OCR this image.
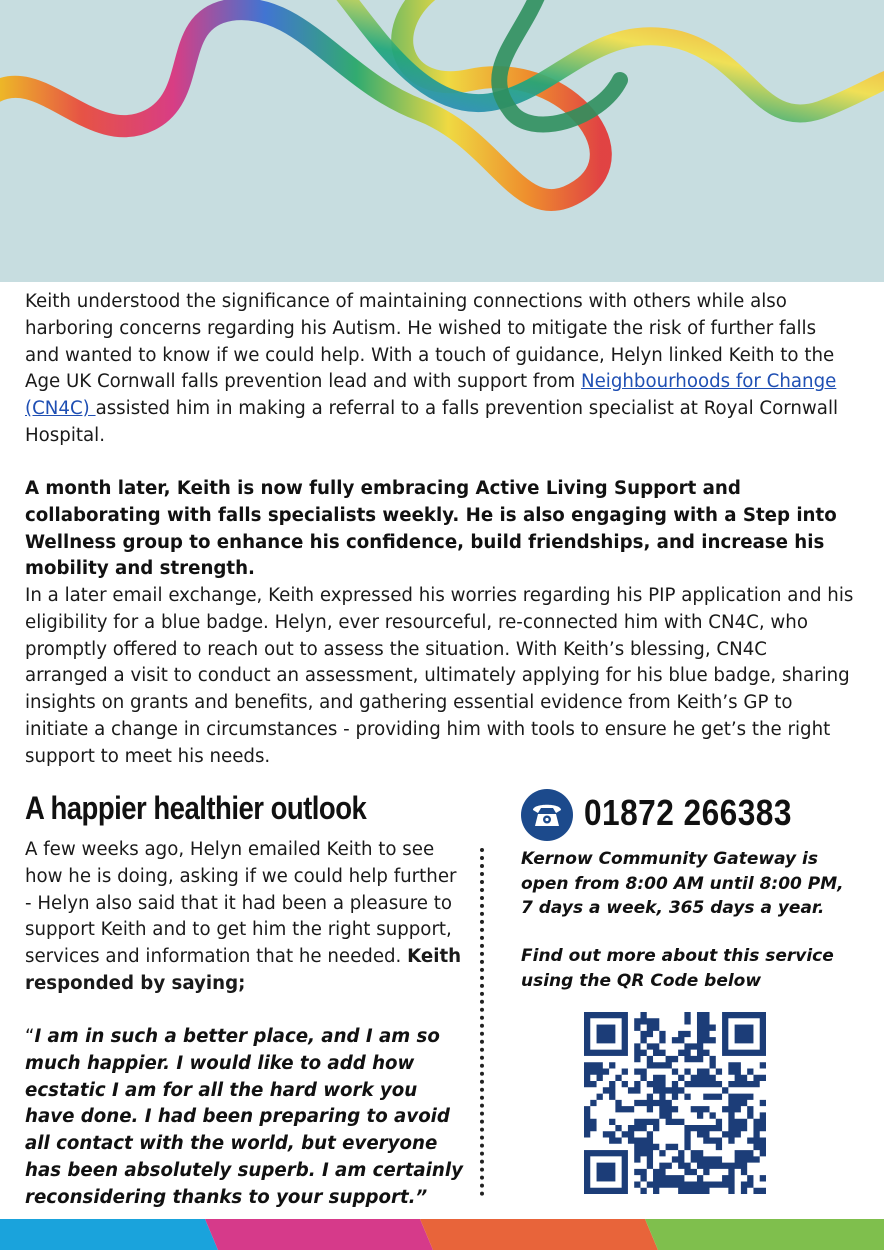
Keith understood the significance of maintaining connections with others while also harboring concerns regarding his Autism. He wished to mitigate the risk of further falls and wanted to know if we could help. With a touch of guidance, Helyn linked Keith to the Age UK Cornwall falls prevention lead and with support from Neighbourhoods for Change (CN4C) assisted him in making a referral to a falls prevention specialist at Royal Cornwall Hospital.

A month later, Keith is now fully embracing Active Living Support and collaborating with falls specialists weekly. He is also engaging with a Step into Wellness group to enhance his confidence, build friendships, and increase his mobility and strength.

In a later email exchange, Keith expressed his worries regarding his PIP application and his eligibility for a blue badge. Helyn, ever resourceful, re-connected him with CN4C, who promptly offered to reach out to assess the situation. With Keith’s blessing, CN4C arranged a visit to conduct an assessment, ultimately applying for his blue badge, sharing insights on grants and benefits, and gathering essential evidence from Keith’s GP to initiate a change in circumstances - providing him with tools to ensure he get’s the right support to meet his needs.

A happier healthier outlook

A few weeks ago, Helyn emailed Keith to see how he is doing, asking if we could help further - Helyn also said that it had been a pleasure to support Keith and to get him the right support, services and information that he needed. Keith responded by saying;

“I am in such a better place, and I am so much happier. I would like to add how ecstatic I am for all the hard work you have done. I had been preparing to avoid all contact with the world, but everyone has been absolutely superb. I am certainly reconsidering thanks to your support.”

01872 266383

Kernow Community Gateway is open from 8:00 AM until 8:00 PM, 7 days a week, 365 days a year.

Find out more about this service using the QR Code below
